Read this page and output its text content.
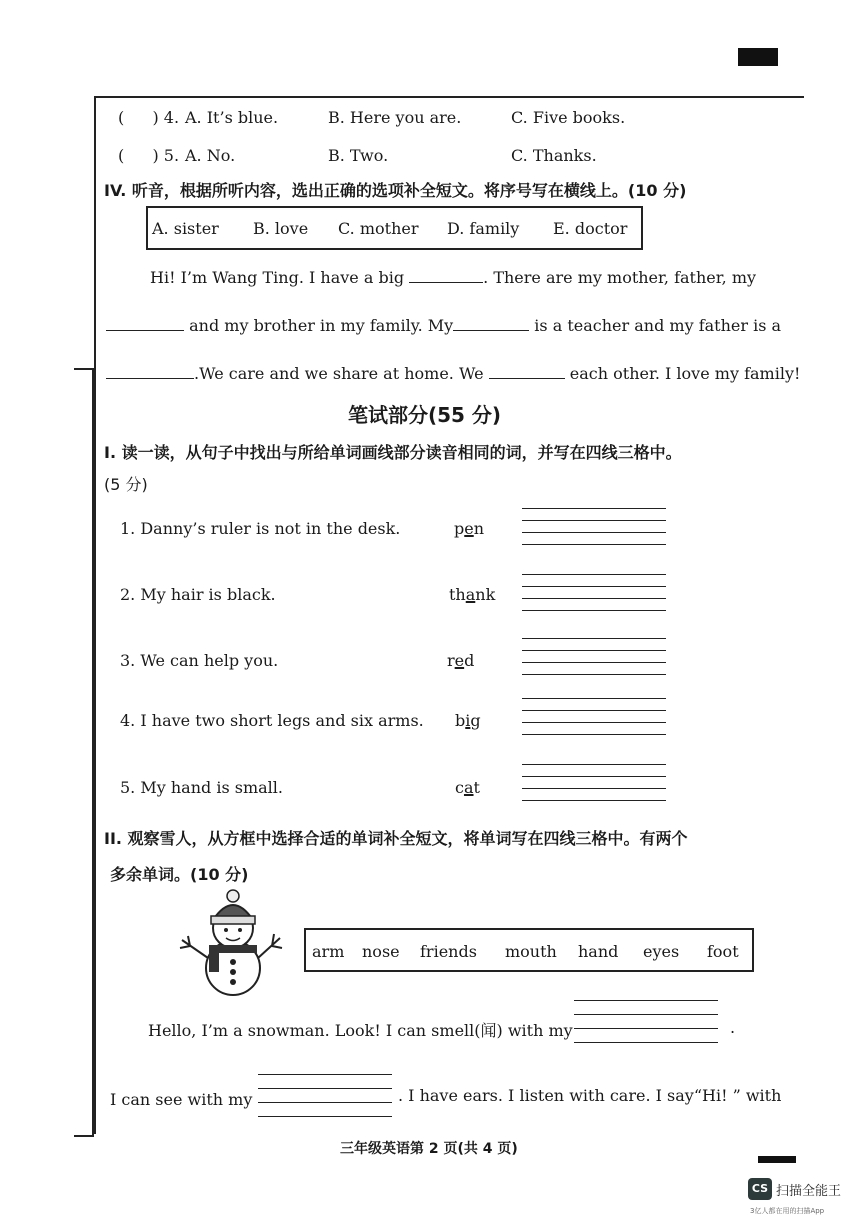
( ) 4. A. It’s blue.	B. Here you are.	C. Five books.
( ) 5. A. No.	B. Two.	C. Thanks.
IV. 听音，根据所听内容，选出正确的选项补全短文。将序号写在横线上。(10 分)
A. sister B. love C. mother D. family E. doctor
Hi! I’m Wang Ting. I have a big	. There are my mother, father, my
and my brother in my family. My	is a teacher and my father is a
.We care and we share at home. We	each other. I love my family!
笔试部分(55 分)
I. 读一读，从句子中找出与所给单词画线部分读音相同的词，并写在四线三格中。
(5 分)
1. Danny’s ruler is not in the desk.	pen
2. My hair is black.	thank
3. We can help you.	red
4. I have two short legs and six arms. big
5. My hand is small.	cat
II. 观察雪人，从方框中选择合适的单词补全短文，将单词写在四线三格中。有两个
多余单词。(10 分)
arm nose friends mouth hand eyes foot
Hello, I’m a snowman. Look! I can smell(闻) with my	.
I can see with my	. I have ears. I listen with care. I say“Hi! ” with
三年级英语第 2 页(共 4 页)
CS 扫描全能王
3亿人都在用的扫描App
